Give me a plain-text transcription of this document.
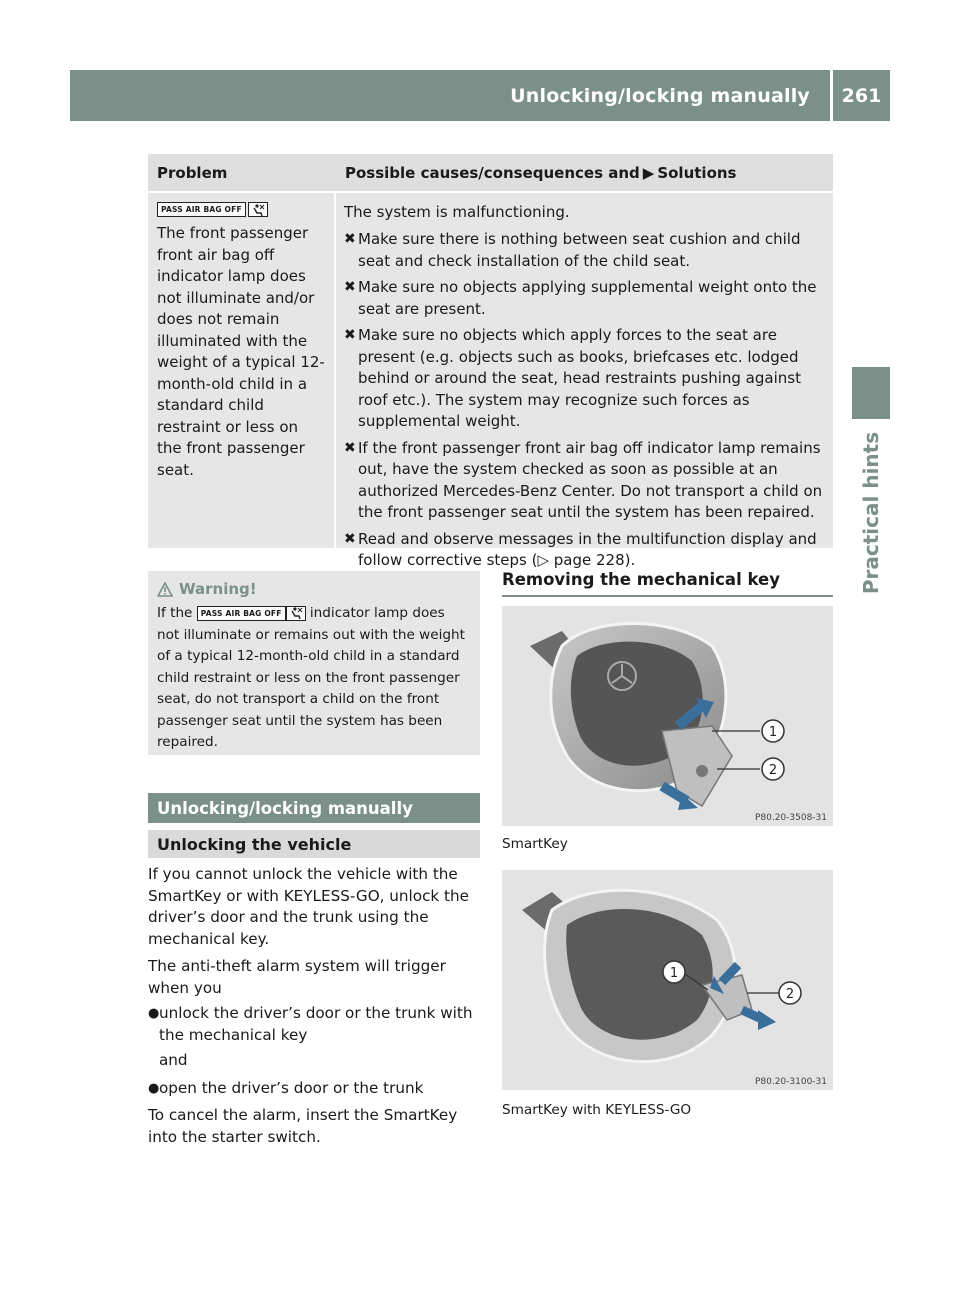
Unlocking/locking manually	261
Practical hints
Problem	Possible causes/consequences and ▶ Solutions
PASS AIR BAG OFF
The front passenger front air bag off indicator lamp does not illuminate and/or does not remain illuminated with the weight of a typical 12-month-old child in a standard child restraint or less on the front passenger seat.
The system is malfunctioning.
✖ Make sure there is nothing between seat cushion and child seat and check installation of the child seat.
✖ Make sure no objects applying supplemental weight onto the seat are present.
✖ Make sure no objects which apply forces to the seat are present (e.g. objects such as books, briefcases etc. lodged behind or around the seat, head restraints pushing against roof etc.). The system may recognize such forces as supplemental weight.
✖ If the front passenger front air bag off indicator lamp remains out, have the system checked as soon as possible at an authorized Mercedes-Benz Center. Do not transport a child on the front passenger seat until the system has been repaired.
✖ Read and observe messages in the multifunction display and follow corrective steps (▷ page 228).
Warning!
If the PASS AIR BAG OFF indicator lamp does not illuminate or remains out with the weight of a typical 12-month-old child in a standard child restraint or less on the front passenger seat, do not transport a child on the front passenger seat until the system has been repaired.
Unlocking/locking manually
Unlocking the vehicle

If you cannot unlock the vehicle with the SmartKey or with KEYLESS-GO, unlock the driver’s door and the trunk using the mechanical key.

The anti-theft alarm system will trigger when you

● unlock the driver’s door or the trunk with the mechanical key
and
● open the driver’s door or the trunk

To cancel the alarm, insert the SmartKey into the starter switch.

Removing the mechanical key
1
2
P80.20-3508-31
SmartKey
1
2
P80.20-3100-31
SmartKey with KEYLESS-GO
